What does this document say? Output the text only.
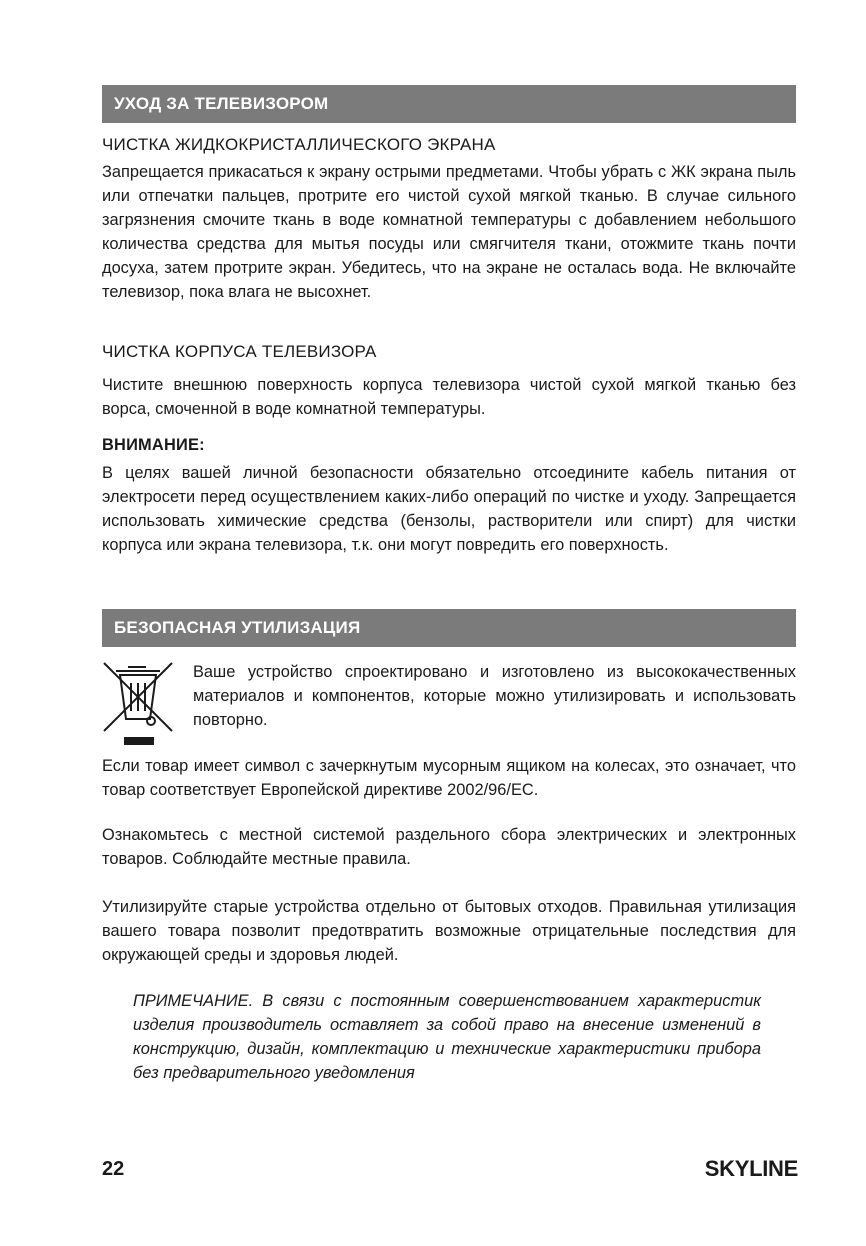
УХОД ЗА ТЕЛЕВИЗОРОМ
ЧИСТКА ЖИДКОКРИСТАЛЛИЧЕСКОГО ЭКРАНА

Запрещается прикасаться к экрану острыми предметами. Чтобы убрать с ЖК экрана пыль или отпечатки пальцев, протрите его чистой сухой мягкой тканью. В случае сильного загрязнения смочите ткань в воде комнатной температуры с добавлением небольшого количества средства для мытья посуды или смягчителя ткани, отожмите ткань почти досуха, затем протрите экран. Убедитесь, что на экране не осталась вода. Не включайте телевизор, пока влага не высохнет.

ЧИСТКА КОРПУСА ТЕЛЕВИЗОРА

Чистите внешнюю поверхность корпуса телевизора чистой сухой мягкой тканью без ворса, смоченной в воде комнатной температуры.

ВНИМАНИЕ:

В целях вашей личной безопасности обязательно отсоедините кабель питания от электросети перед осуществлением каких-либо операций по чистке и уходу. Запрещается использовать химические средства (бензолы, растворители или спирт) для чистки корпуса или экрана телевизора, т.к. они могут повредить его поверхность.

БЕЗОПАСНАЯ УТИЛИЗАЦИЯ

Ваше устройство спроектировано и изготовлено из высококачественных материалов и компонентов, которые можно утилизировать и использовать повторно.

Если товар имеет символ с зачеркнутым мусорным ящиком на колесах, это означает, что товар соответствует Европейской директиве 2002/96/ЕС.

Ознакомьтесь с местной системой раздельного сбора электрических и электронных товаров. Соблюдайте местные правила.

Утилизируйте старые устройства отдельно от бытовых отходов. Правильная утилизация вашего товара позволит предотвратить возможные отрицательные последствия для окружающей среды и здоровья людей.

ПРИМЕЧАНИЕ. В связи с постоянным совершенствованием характеристик изделия производитель оставляет за собой право на внесение изменений в конструкцию, дизайн, комплектацию и технические характеристики прибора без предварительного уведомления

22	SKYLINE
